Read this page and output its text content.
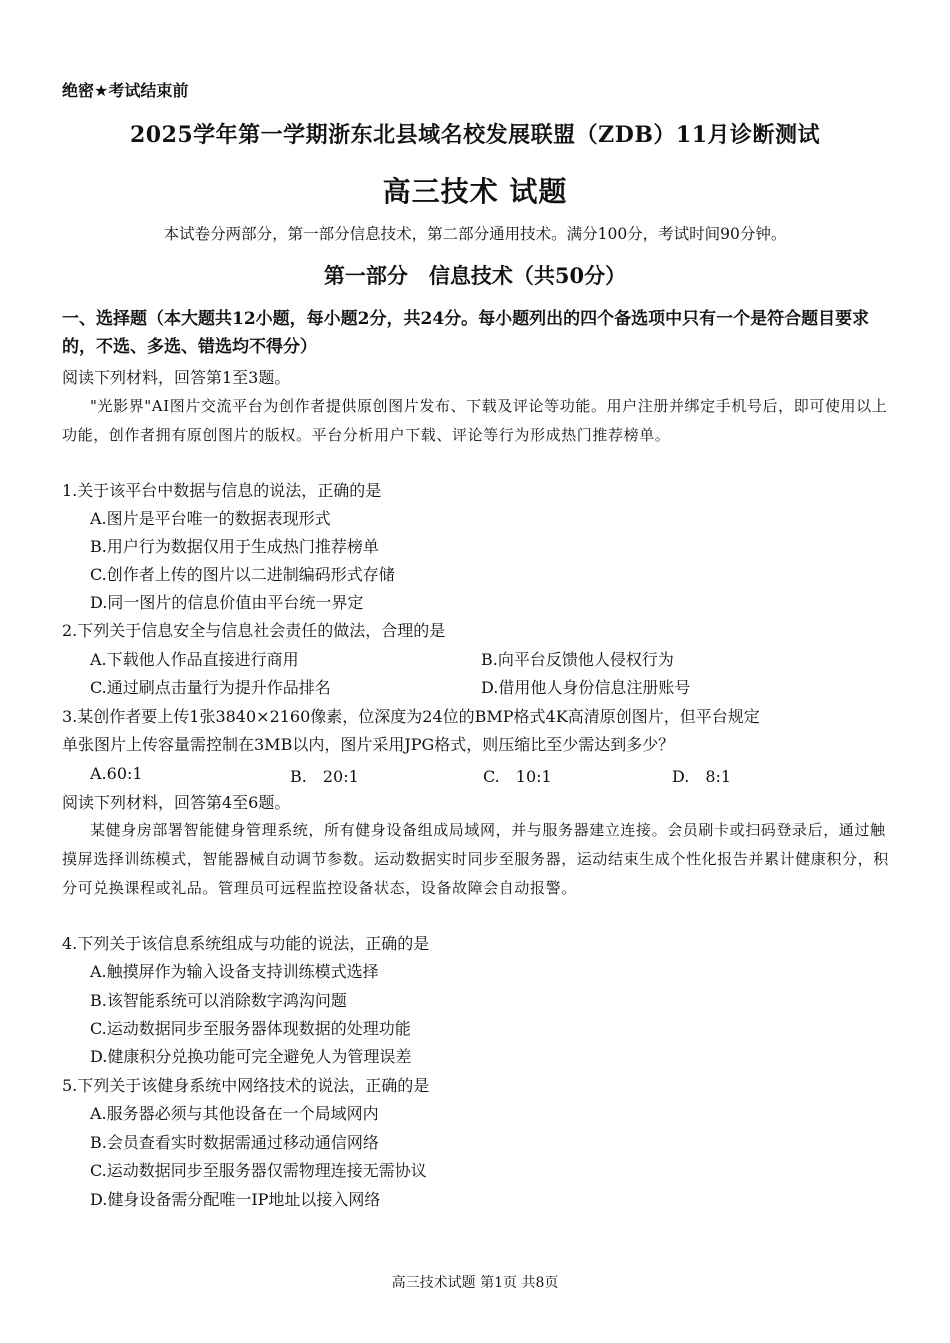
绝密★考试结束前
2025学年第一学期浙东北县域名校发展联盟（ZDB）11月诊断测试
高三技术 试题
本试卷分两部分，第一部分信息技术，第二部分通用技术。满分100分，考试时间90分钟。
第一部分　信息技术（共50分）
一、选择题（本大题共12小题，每小题2分，共24分。每小题列出的四个备选项中只有一个是符合题目要求的，不选、多选、错选均不得分）
阅读下列材料，回答第1至3题。
"光影界"AI图片交流平台为创作者提供原创图片发布、下载及评论等功能。用户注册并绑定手机号后，即可使用以上功能，创作者拥有原创图片的版权。平台分析用户下载、评论等行为形成热门推荐榜单。
1.关于该平台中数据与信息的说法，正确的是
A.图片是平台唯一的数据表现形式
B.用户行为数据仅用于生成热门推荐榜单
C.创作者上传的图片以二进制编码形式存储
D.同一图片的信息价值由平台统一界定
2.下列关于信息安全与信息社会责任的做法，合理的是
A.下载他人作品直接进行商用	B.向平台反馈他人侵权行为
C.通过刷点击量行为提升作品排名	D.借用他人身份信息注册账号
3.某创作者要上传1张3840×2160像素，位深度为24位的BMP格式4K高清原创图片，但平台规定
单张图片上传容量需控制在3MB以内，图片采用JPG格式，则压缩比至少需达到多少？
A.60:1	B.　20:1	C.　10:1	D.　8:1
阅读下列材料，回答第4至6题。
某健身房部署智能健身管理系统，所有健身设备组成局域网，并与服务器建立连接。会员刷卡或扫码登录后，通过触摸屏选择训练模式，智能器械自动调节参数。运动数据实时同步至服务器，运动结束生成个性化报告并累计健康积分，积分可兑换课程或礼品。管理员可远程监控设备状态，设备故障会自动报警。
4.下列关于该信息系统组成与功能的说法，正确的是
A.触摸屏作为输入设备支持训练模式选择
B.该智能系统可以消除数字鸿沟问题
C.运动数据同步至服务器体现数据的处理功能
D.健康积分兑换功能可完全避免人为管理误差
5.下列关于该健身系统中网络技术的说法，正确的是
A.服务器必须与其他设备在一个局域网内
B.会员查看实时数据需通过移动通信网络
C.运动数据同步至服务器仅需物理连接无需协议
D.健身设备需分配唯一IP地址以接入网络
高三技术试题 第1页 共8页
